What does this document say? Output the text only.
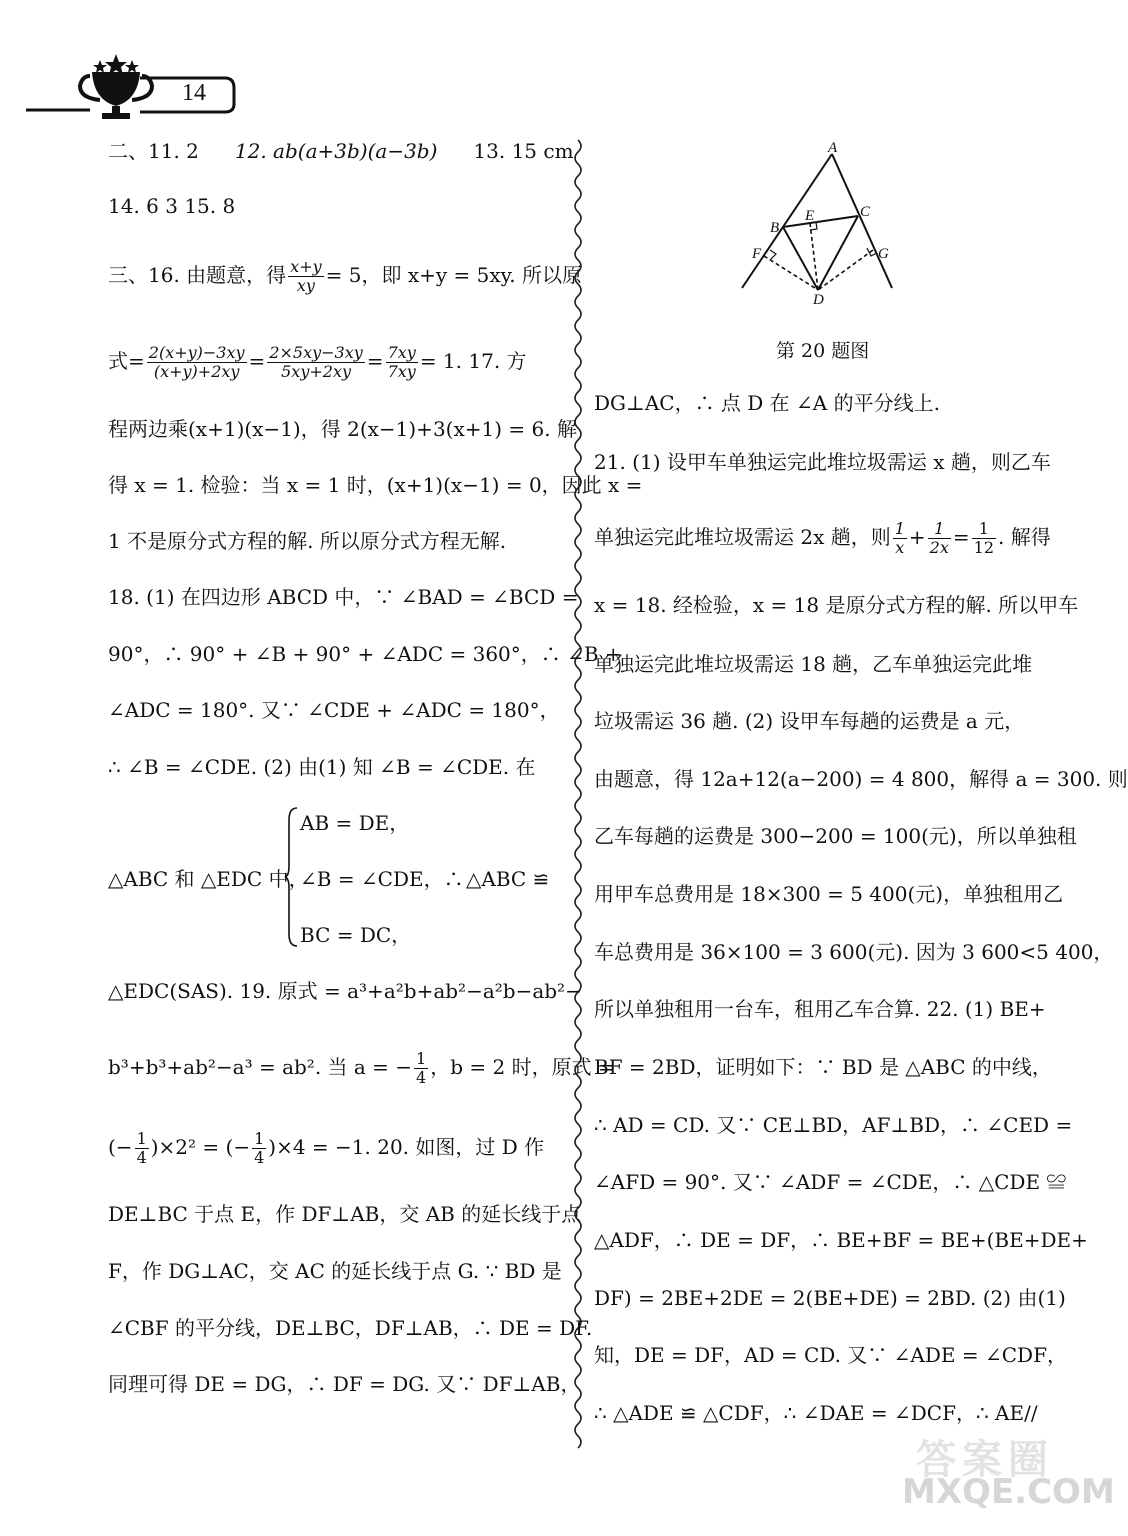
14
二、11. 2 12. ab(a+3b)(a−3b) 13. 15 cm
14. 6 3 15. 8
三、16. 由题意，得 $\frac{x+y}{xy} = 5$，即 x+y = 5xy. 所以原
式= $\frac{2(x+y)-3xy}{(x+y)+2xy} = \frac{2\times 5xy-3xy}{5xy+2xy} = \frac{7xy}{7xy} = 1$. 17. 方
程两边乘(x+1)(x−1)，得 2(x−1)+3(x+1) = 6. 解
得 x = 1. 检验：当 x = 1 时，(x+1)(x−1) = 0，因此 x =
1 不是原分式方程的解. 所以原分式方程无解.
18. (1) 在四边形 ABCD 中，∵ ∠BAD = ∠BCD =
90°，∴ 90° + ∠B + 90° + ∠ADC = 360°，∴ ∠B +
∠ADC = 180°. 又∵ ∠CDE + ∠ADC = 180°，
∴ ∠B = ∠CDE. (2) 由(1) 知 ∠B = ∠CDE. 在
△ABC 和 △EDC 中，
AB = DE，
∠B = ∠CDE，∴
BC = DC，
△ABC ≌
△EDC(SAS). 19. 原式 = a³+a²b+ab²−a²b−ab²−
b³+b³+ab²−a³ = ab². 当 a = − $\frac{1}{4}$ ，b = 2 时，原式 =
(− $\frac{1}{4} )\times 2^2$ = (− $\frac{1}{4} )\times 4 = -1$. 20. 如图，过 D 作
DE⊥BC 于点 E，作 DF⊥AB，交 AB 的延长线于点
F，作 DG⊥AC，交 AC 的延长线于点 G. ∵ BD 是
∠CBF 的平分线，DE⊥BC，DF⊥AB，∴ DE = DF.
同理可得 DE = DG，∴ DF = DG. 又∵ DF⊥AB，
A
B
E	C
F	G
D
第 20 题图
DG⊥AC，∴ 点 D 在 ∠A 的平分线上.
21. (1) 设甲车单独运完此堆垃圾需运 x 趟，则乙车
单独运完此堆垃圾需运 2x 趟，则 $\frac{1}{x} + \frac{1}{2x} = \frac{1}{12}$ . 解得
x = 18. 经检验，x = 18 是原分式方程的解. 所以甲车
单独运完此堆垃圾需运 18 趟，乙车单独运完此堆
垃圾需运 36 趟. (2) 设甲车每趟的运费是 a 元，
由题意，得 12a+12(a−200) = 4 800，解得 a = 300. 则
乙车每趟的运费是 300−200 = 100(元)，所以单独租
用甲车总费用是 18×300 = 5 400(元)，单独租用乙
车总费用是 36×100 = 3 600(元). 因为 3 600<5 400，
所以单独租用一台车，租用乙车合算. 22. (1) BE+
BF = 2BD，证明如下：∵ BD 是 △ABC 的中线，
∴ AD = CD. 又∵ CE⊥BD，AF⊥BD，∴ ∠CED =
∠AFD = 90°. 又∵ ∠ADF = ∠CDE，∴ △CDE ≌
△ADF，∴ DE = DF，∴ BE+BF = BE+(BE+DE+
DF) = 2BE+2DE = 2(BE+DE) = 2BD. (2) 由(1)
知，DE = DF，AD = CD. 又∵ ∠ADE = ∠CDF，
∴ △ADE ≌ △CDF，∴ ∠DAE = ∠DCF，∴ AE//
答案圈
MXQE.COM
